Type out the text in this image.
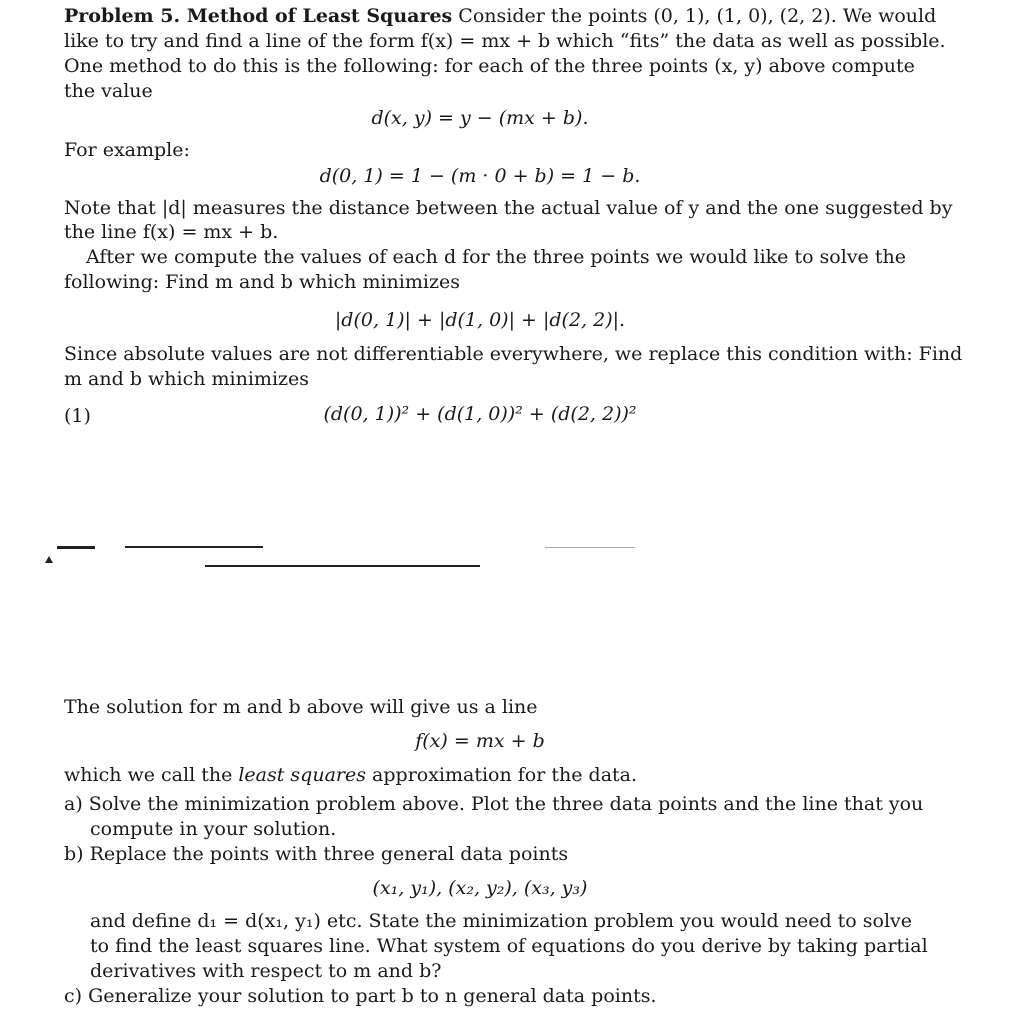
Problem 5. Method of Least Squares Consider the points (0, 1), (1, 0), (2, 2). We would
like to try and find a line of the form f(x) = mx + b which “fits” the data as well as possible.
One method to do this is the following: for each of the three points (x, y) above compute
the value
d(x, y) = y − (mx + b).
For example:
d(0, 1) = 1 − (m · 0 + b) = 1 − b.
Note that |d| measures the distance between the actual value of y and the one suggested by
the line f(x) = mx + b.
After we compute the values of each d for the three points we would like to solve the
following: Find m and b which minimizes
|d(0, 1)| + |d(1, 0)| + |d(2, 2)|.
Since absolute values are not differentiable everywhere, we replace this condition with: Find
m and b which minimizes
(1)	(d(0, 1))² + (d(1, 0))² + (d(2, 2))²
The solution for m and b above will give us a line
f(x) = mx + b
which we call the least squares approximation for the data.
a) Solve the minimization problem above. Plot the three data points and the line that you
compute in your solution.
b) Replace the points with three general data points
(x₁, y₁), (x₂, y₂), (x₃, y₃)
and define d₁ = d(x₁, y₁) etc. State the minimization problem you would need to solve
to find the least squares line. What system of equations do you derive by taking partial
derivatives with respect to m and b?
c) Generalize your solution to part b to n general data points.
